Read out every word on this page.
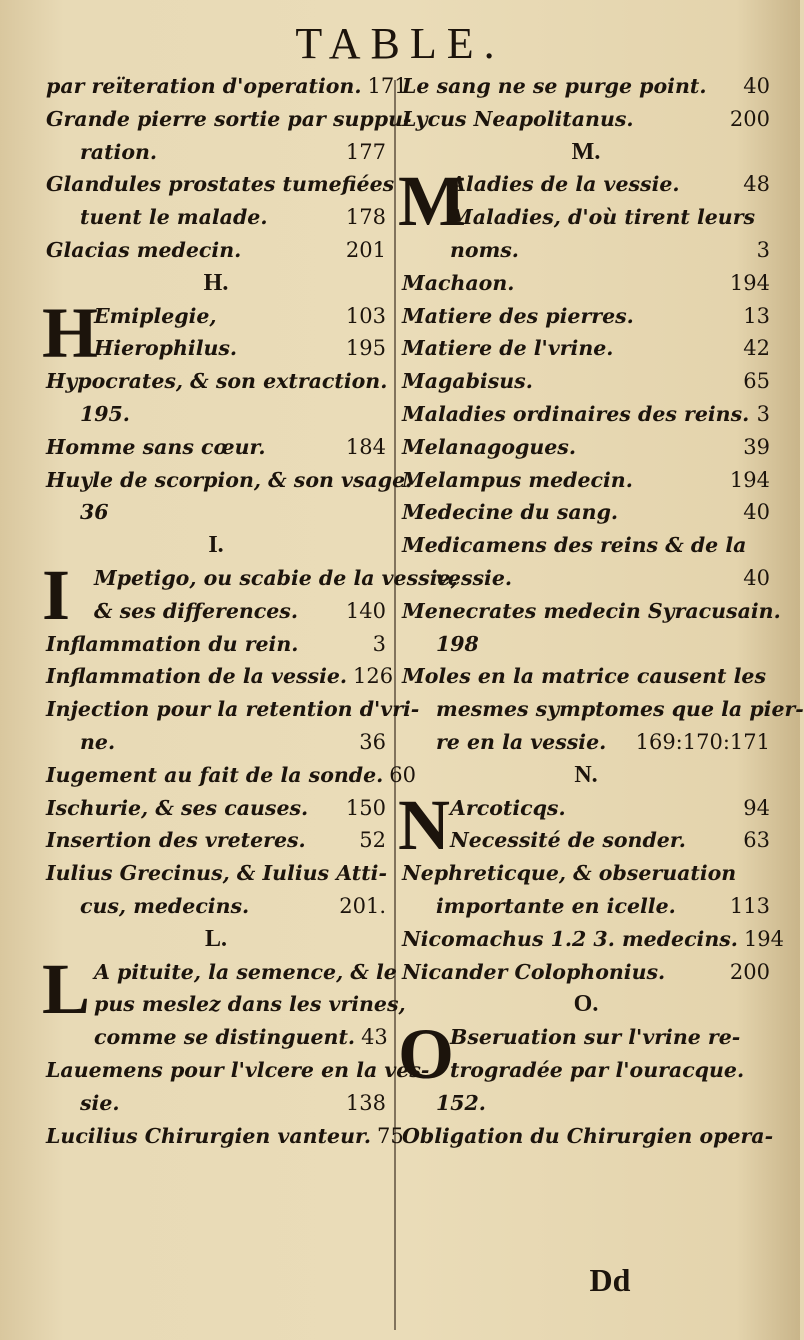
TABLE.
par reïteration d'operation. 171
Grande pierre sortie par suppu-
ration.	177
Glandules prostates tumefiées
tuent le malade.	178
Glacias medecin.	201
H.
H
Emiplegie,	103
Hierophilus.	195
Hypocrates, & son extraction.
195.
Homme sans cœur.	184
Huyle de scorpion, & son vsage.
36
I.
I Mpetigo, ou scabie de la vessie,
& ses differences. 140
Inflammation du rein.	3
Inflammation de la vessie. 126
Injection pour la retention d'vri-
ne.	36
Iugement au fait de la sonde. 60
Ischurie, & ses causes. 150
Insertion des vreteres.	52
Iulius Grecinus, & Iulius Atti-
cus, medecins.	201.
L.
L A pituite, la semence, & le
pus meslez dans les vrines,
comme se distinguent. 43
Lauemens pour l'vlcere en la ves-
sie.	138
Lucilius Chirurgien vanteur. 75
Le sang ne se purge point. 40
Lycus Neapolitanus.	200
M.
M
Aladies de la vessie.	48
Maladies, d'où tirent leurs
noms.	3
Machaon.	194
Matiere des pierres.	13
Matiere de l'vrine.	42
Magabisus.	65
Maladies ordinaires des reins. 3
Melanagogues.	39
Melampus medecin.	194
Medecine du sang.	40
Medicamens des reins & de la
vessie.	40
Menecrates medecin Syracusain.
198
Moles en la matrice causent les
mesmes symptomes que la pier-
re en la vessie. 169:170:171
N.
N Arcoticqs.	94
Necessité de sonder.	63
Nephreticque, & obseruation
importante en icelle.	113
Nicomachus 1.2 3. medecins. 194
Nicander Colophonius.	200
O.
O
Bseruation sur l'vrine re-
trogradée par l'ouracque.
152.
Obligation du Chirurgien opera-
Dd
